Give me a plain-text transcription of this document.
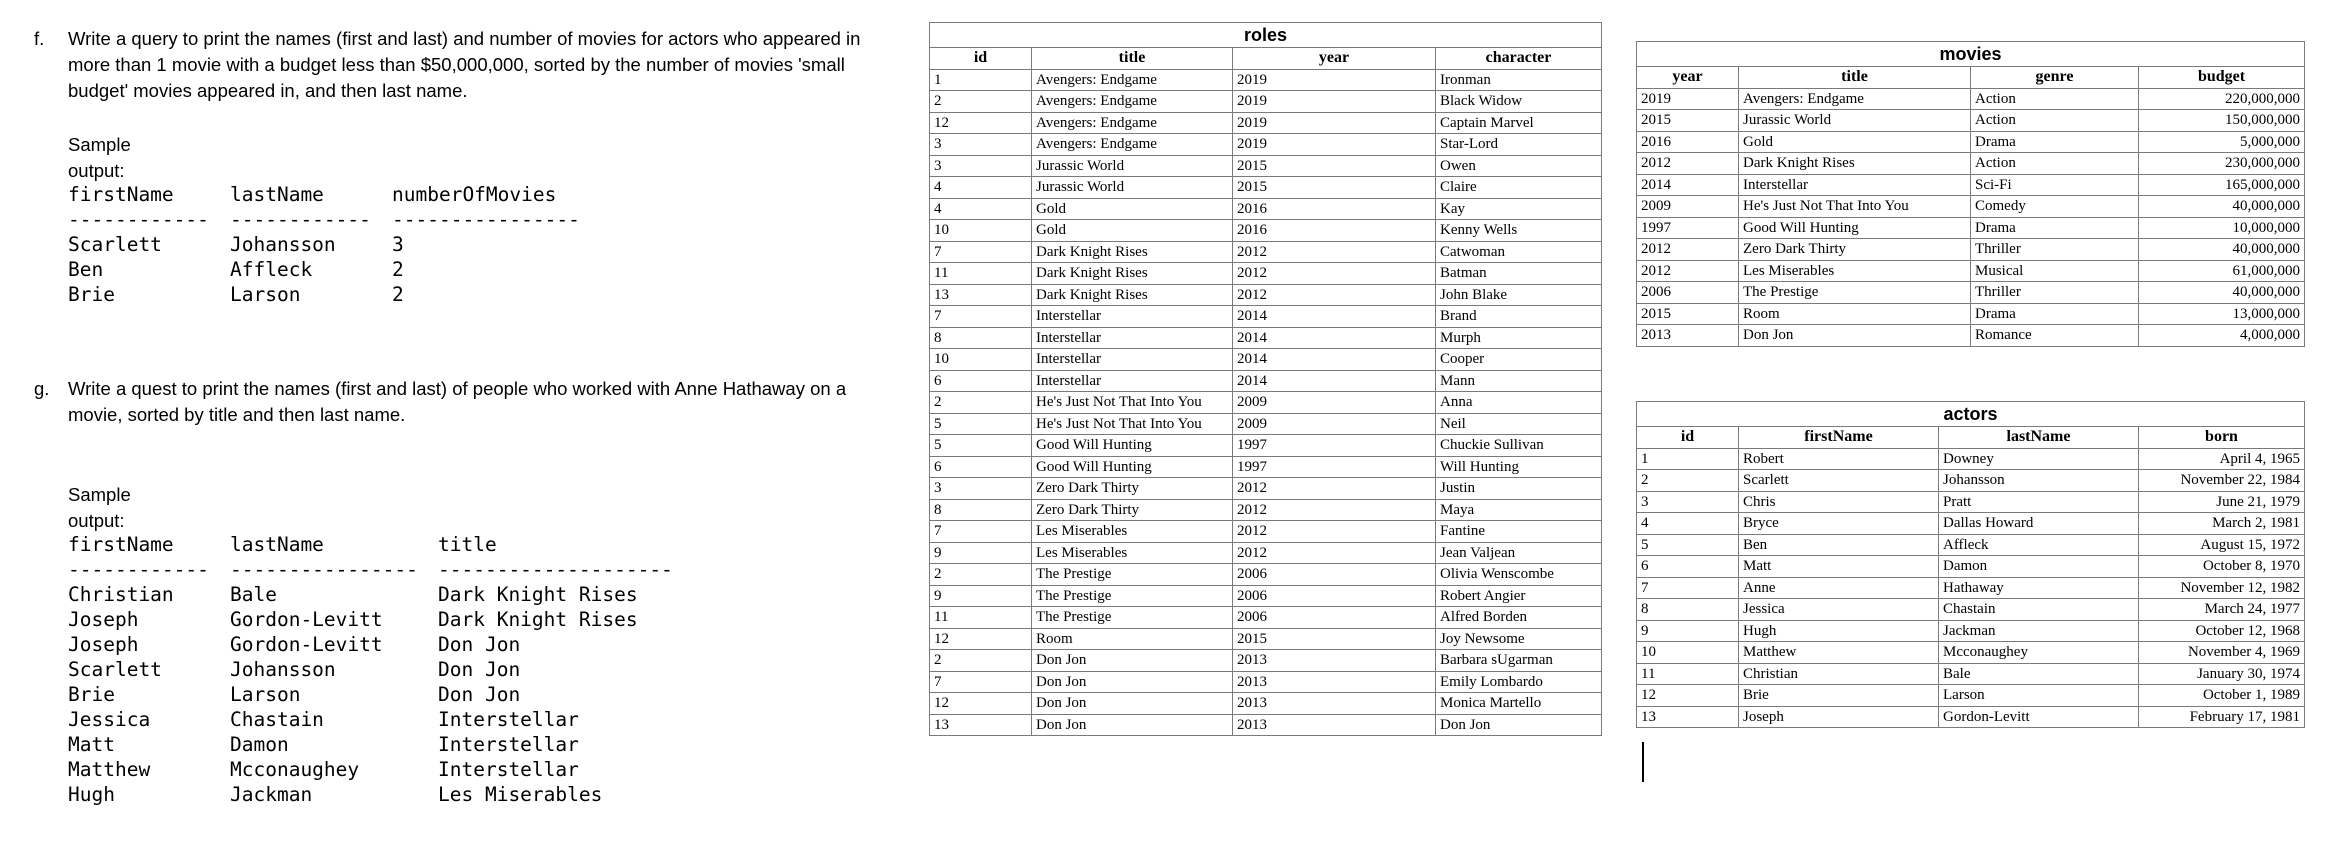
f. Write a query to print the names (first and last) and number of movies for actors who appeared in more than 1 movie with a budget less than $50,000,000, sorted by the number of movies 'small budget' movies appeared in, and then last name.
Sample output:
firstName	lastName	numberOfMovies
------------ ------------ ----------------
Scarlett	Johansson	3
Ben	Affleck	2
Brie	Larson	2
g. Write a quest to print the names (first and last) of people who worked with Anne Hathaway on a movie, sorted by title and then last name.
Sample output:
firstName	lastName	title
------------ ---------------- --------------------
Christian	Bale	Dark Knight Rises
Joseph	Gordon-Levitt	Dark Knight Rises
Joseph	Gordon-Levitt	Don Jon
Scarlett	Johansson	Don Jon
Brie	Larson	Don Jon
Jessica	Chastain	Interstellar
Matt	Damon	Interstellar
Matthew	Mcconaughey	Interstellar
Hugh	Jackman	Les Miserables
roles
id	title	year	character
1	Avengers: Endgame	2019	Ironman
2	Avengers: Endgame	2019	Black Widow
12	Avengers: Endgame	2019	Captain Marvel
3	Avengers: Endgame	2019	Star-Lord
3	Jurassic World	2015	Owen
4	Jurassic World	2015	Claire
4	Gold	2016	Kay
10	Gold	2016	Kenny Wells
7	Dark Knight Rises	2012	Catwoman
11	Dark Knight Rises	2012	Batman
13	Dark Knight Rises	2012	John Blake
7	Interstellar	2014	Brand
8	Interstellar	2014	Murph
10	Interstellar	2014	Cooper
6	Interstellar	2014	Mann
2	He's Just Not That Into You	2009	Anna
5	He's Just Not That Into You	2009	Neil
5	Good Will Hunting	1997	Chuckie Sullivan
6	Good Will Hunting	1997	Will Hunting
3	Zero Dark Thirty	2012	Justin
8	Zero Dark Thirty	2012	Maya
7	Les Miserables	2012	Fantine
9	Les Miserables	2012	Jean Valjean
2	The Prestige	2006	Olivia Wenscombe
9	The Prestige	2006	Robert Angier
11	The Prestige	2006	Alfred Borden
12	Room	2015	Joy Newsome
2	Don Jon	2013	Barbara sUgarman
7	Don Jon	2013	Emily Lombardo
12	Don Jon	2013	Monica Martello
13	Don Jon	2013	Don Jon
movies
year	title	genre	budget
2019	Avengers: Endgame	Action	220,000,000
2015	Jurassic World	Action	150,000,000
2016	Gold	Drama	5,000,000
2012	Dark Knight Rises	Action	230,000,000
2014	Interstellar	Sci-Fi	165,000,000
2009	He's Just Not That Into You	Comedy	40,000,000
1997	Good Will Hunting	Drama	10,000,000
2012	Zero Dark Thirty	Thriller	40,000,000
2012	Les Miserables	Musical	61,000,000
2006	The Prestige	Thriller	40,000,000
2015	Room	Drama	13,000,000
2013	Don Jon	Romance	4,000,000
actors
id	firstName	lastName	born
1	Robert	Downey	April 4, 1965
2	Scarlett	Johansson	November 22, 1984
3	Chris	Pratt	June 21, 1979
4	Bryce	Dallas Howard	March 2, 1981
5	Ben	Affleck	August 15, 1972
6	Matt	Damon	October 8, 1970
7	Anne	Hathaway	November 12, 1982
8	Jessica	Chastain	March 24, 1977
9	Hugh	Jackman	October 12, 1968
10	Matthew	Mcconaughey	November 4, 1969
11	Christian	Bale	January 30, 1974
12	Brie	Larson	October 1, 1989
13	Joseph	Gordon-Levitt	February 17, 1981
